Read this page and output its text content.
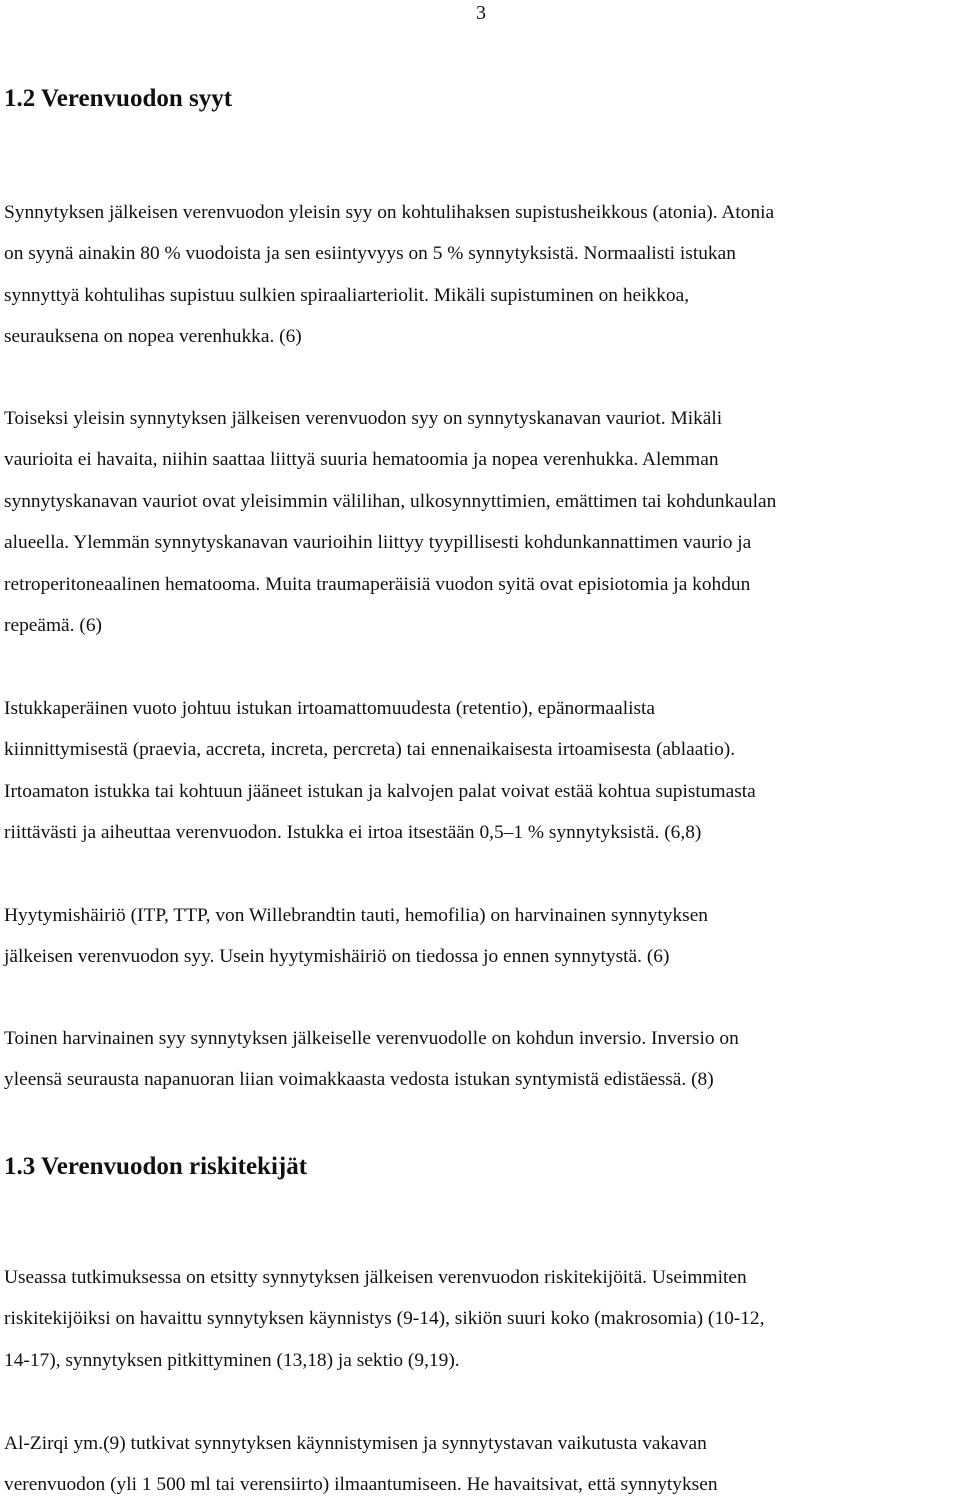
3
1.2 Verenvuodon syyt
Synnytyksen jälkeisen verenvuodon yleisin syy on kohtulihaksen supistusheikkous (atonia). Atonia
on syynä ainakin 80 % vuodoista ja sen esiintyvyys on 5 % synnytyksistä. Normaalisti istukan
synnyttyä kohtulihas supistuu sulkien spiraaliarteriolit. Mikäli supistuminen on heikkoa,
seurauksena on nopea verenhukka. (6)
Toiseksi yleisin synnytyksen jälkeisen verenvuodon syy on synnytyskanavan vauriot. Mikäli
vaurioita ei havaita, niihin saattaa liittyä suuria hematoomia ja nopea verenhukka. Alemman
synnytyskanavan vauriot ovat yleisimmin välilihan, ulkosynnyttimien, emättimen tai kohdunkaulan
alueella. Ylemmän synnytyskanavan vaurioihin liittyy tyypillisesti kohdunkannattimen vaurio ja
retroperitoneaalinen hematooma. Muita traumaperäisiä vuodon syitä ovat episiotomia ja kohdun
repeämä. (6)
Istukkaperäinen vuoto johtuu istukan irtoamattomuudesta (retentio), epänormaalista
kiinnittymisestä (praevia, accreta, increta, percreta) tai ennenaikaisesta irtoamisesta (ablaatio).
Irtoamaton istukka tai kohtuun jääneet istukan ja kalvojen palat voivat estää kohtua supistumasta
riittävästi ja aiheuttaa verenvuodon. Istukka ei irtoa itsestään 0,5–1 % synnytyksistä. (6,8)
Hyytymishäiriö (ITP, TTP, von Willebrandtin tauti, hemofilia) on harvinainen synnytyksen
jälkeisen verenvuodon syy. Usein hyytymishäiriö on tiedossa jo ennen synnytystä. (6)
Toinen harvinainen syy synnytyksen jälkeiselle verenvuodolle on kohdun inversio. Inversio on
yleensä seurausta napanuoran liian voimakkaasta vedosta istukan syntymistä edistäessä. (8)
1.3 Verenvuodon riskitekijät
Useassa tutkimuksessa on etsitty synnytyksen jälkeisen verenvuodon riskitekijöitä. Useimmiten
riskitekijöiksi on havaittu synnytyksen käynnistys (9-14), sikiön suuri koko (makrosomia) (10-12,
14-17), synnytyksen pitkittyminen (13,18) ja sektio (9,19).
Al-Zirqi ym.(9) tutkivat synnytyksen käynnistymisen ja synnytystavan vaikutusta vakavan
verenvuodon (yli 1 500 ml tai verensiirto) ilmaantumiseen. He havaitsivat, että synnytyksen
